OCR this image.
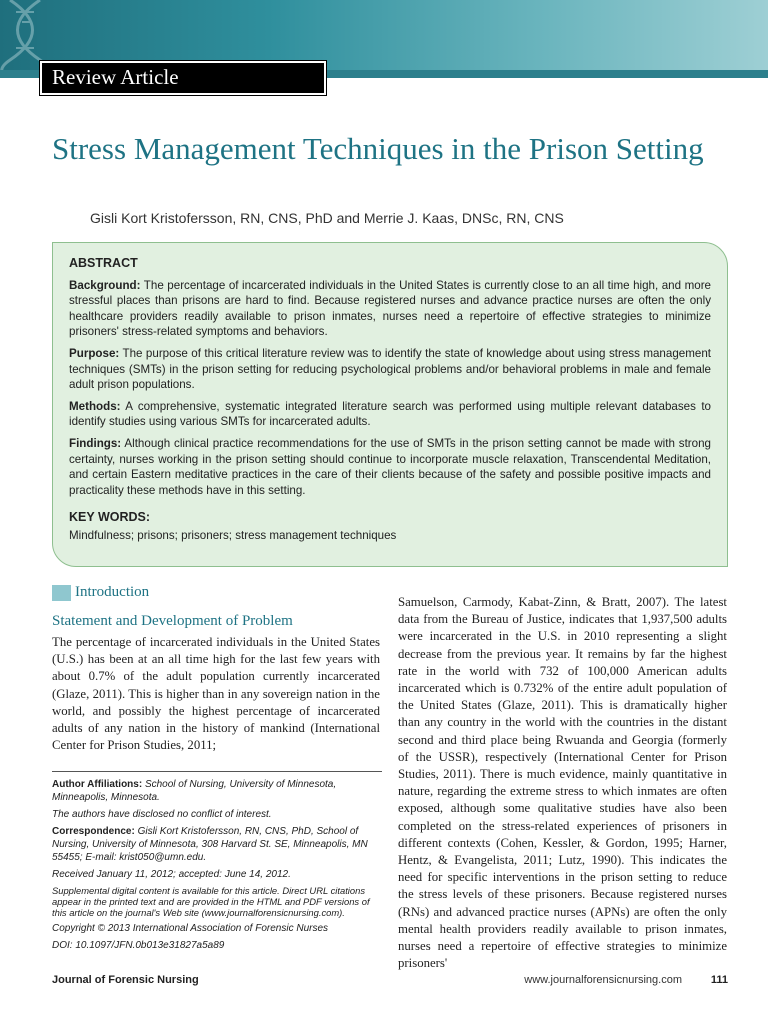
Review Article
Stress Management Techniques in the Prison Setting
Gisli Kort Kristofersson, RN, CNS, PhD and Merrie J. Kaas, DNSc, RN, CNS
ABSTRACT

Background: The percentage of incarcerated individuals in the United States is currently close to an all time high, and more stressful places than prisons are hard to find. Because registered nurses and advance practice nurses are often the only healthcare providers readily available to prison inmates, nurses need a repertoire of effective strategies to minimize prisoners' stress-related symptoms and behaviors.

Purpose: The purpose of this critical literature review was to identify the state of knowledge about using stress management techniques (SMTs) in the prison setting for reducing psychological problems and/or behavioral problems in male and female adult prison populations.

Methods: A comprehensive, systematic integrated literature search was performed using multiple relevant databases to identify studies using various SMTs for incarcerated adults.

Findings: Although clinical practice recommendations for the use of SMTs in the prison setting cannot be made with strong certainty, nurses working in the prison setting should continue to incorporate muscle relaxation, Transcendental Meditation, and certain Eastern meditative practices in the care of their clients because of the safety and possible positive impacts and practicality these methods have in this setting.

KEY WORDS:

Mindfulness; prisons; prisoners; stress management techniques

Introduction
Statement and Development of Problem

The percentage of incarcerated individuals in the United States (U.S.) has been at an all time high for the last few years with about 0.7% of the adult population currently incarcerated (Glaze, 2011). This is higher than in any sovereign nation in the world, and possibly the highest percentage of incarcerated adults of any nation in the history of mankind (International Center for Prison Studies, 2011;

Author Affiliations: School of Nursing, University of Minnesota, Minneapolis, Minnesota.

The authors have disclosed no conflict of interest.

Correspondence: Gisli Kort Kristofersson, RN, CNS, PhD, School of Nursing, University of Minnesota, 308 Harvard St. SE, Minneapolis, MN 55455; E-mail: krist050@umn.edu.

Received January 11, 2012; accepted: June 14, 2012.

Supplemental digital content is available for this article. Direct URL citations appear in the printed text and are provided in the HTML and PDF versions of this article on the journal's Web site (www.journalforensicnursing.com).

Copyright © 2013 International Association of Forensic Nurses

DOI: 10.1097/JFN.0b013e31827a5a89

Samuelson, Carmody, Kabat-Zinn, & Bratt, 2007). The latest data from the Bureau of Justice, indicates that 1,937,500 adults were incarcerated in the U.S. in 2010 representing a slight decrease from the previous year. It remains by far the highest rate in the world with 732 of 100,000 American adults incarcerated which is 0.732% of the entire adult population of the United States (Glaze, 2011). This is dramatically higher than any country in the world with the countries in the distant second and third place being Rwuanda and Georgia (formerly of the USSR), respectively (International Center for Prison Studies, 2011). There is much evidence, mainly quantitative in nature, regarding the extreme stress to which inmates are often exposed, although some qualitative studies have also been completed on the stress-related experiences of prisoners in different contexts (Cohen, Kessler, & Gordon, 1995; Harner, Hentz, & Evangelista, 2011; Lutz, 1990). This indicates the need for specific interventions in the prison setting to reduce the stress levels of these prisoners. Because registered nurses (RNs) and advanced practice nurses (APNs) are often the only mental health providers readily available to prison inmates, nurses need a repertoire of effective strategies to minimize prisoners'

Journal of Forensic Nursing	www.journalforensicnursing.com	111
